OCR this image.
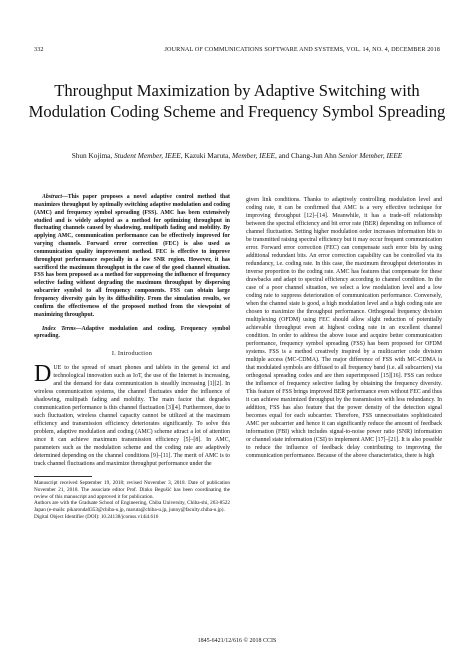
332	JOURNAL OF COMMUNICATIONS SOFTWARE AND SYSTEMS, VOL. 14, NO. 4, DECEMBER 2018
Throughput Maximization by Adaptive Switching with Modulation Coding Scheme and Frequency Symbol Spreading
Shun Kojima, Student Member, IEEE, Kazuki Maruta, Member, IEEE, and Chang-Jun Ahn Senior Member, IEEE

Abstract—This paper proposes a novel adaptive control method that maximizes throughput by optimally switching adaptive modulation and coding (AMC) and frequency symbol spreading (FSS). AMC has been extensively studied and is widely adopted as a method for optimizing throughput in fluctuating channels caused by shadowing, multipath fading and mobility. By applying AMC, communication performance can be effectively improved for varying channels. Forward error correction (FEC) is also used as communication quality improvement method. FEC is effective to improve throughput performance especially in a low SNR region. However, it has sacrificed the maximum throughput in the case of the good channel situation. FSS has been proposed as a method for suppressing the influence of frequency selective fading without degrading the maximum throughput by dispersing subcarrier symbol to all frequency components. FSS can obtain large frequency diversity gain by its diffusibility. From the simulation results, we confirm the effectiveness of the proposed method from the viewpoint of maximizing throughput.

Index Terms—Adaptive modulation and coding, Frequency symbol spreading.

I. Introduction

DUE to the spread of smart phones and tablets in the general ict and technological innovation such as IoT, the use of the Internet is increasing, and the demand for data communication is steadily increasing [1][2]. In wireless communication systems, the channel fluctuates under the influence of shadowing, multipath fading and mobility. The main factor that degrades communication performance is this channel fluctuation [3][4]. Furthermore, due to such fluctuation, wireless channel capacity cannot be utilized at the maximum efficiency and transmission efficiency deteriorates significantly. To solve this problem, adaptive modulation and coding (AMC) scheme attract a lot of attention since it can achieve maximum transmission efficiency [5]–[8]. In AMC, parameters such as the modulation scheme and the coding rate are adaptively determined depending on the channel conditions [9]–[11]. The merit of AMC is to track channel fluctuations and maximize throughput performance under the

Manuscript received September 19, 2018; revised November 3, 2018. Date of publication November 21, 2018. The associate editor Prof. Dinko Begušić has been coordinating the review of this manuscript and approved it for publication.

Authors are with the Graduate School of Engineering, Chiba University, Chiba-shi, 263-8522 Japan (e-mails: pikaronda0353@chiba-u.jp, maruta@chiba-u.jp, junny@faculty.chiba-u.jp).

Digital Object Identifier (DOI): 10.24138/jcomss.v14i4.616

given link conditions. Thanks to adaptively controlling modulation level and coding rate, it can be confirmed that AMC is a very effective technique for improving throughput [12]–[14]. Meanwhile, it has a trade-off relationship between the spectral efficiency and bit error rate (BER) depending on influence of channel fluctuation. Setting higher modulation order increases information bits to be transmitted raising spectral efficiency but it may occur frequent communication error. Forward error correction (FEC) can compensate such error bits by using additional redundant bits. An error correction capability can be controlled via its redundancy, i.e. coding rate. In this case, the maximum throughput deteriorates in inverse proportion to the coding rate. AMC has features that compensate for these drawbacks and adapt to spectral efficiency according to channel condition. In the case of a poor channel situation, we select a low modulation level and a low coding rate to suppress deterioration of communication performance. Conversely, when the channel state is good, a high modulation level and a high coding rate are chosen to maximize the throughput performance. Orthogonal frequency division multiplexing (OFDM) using FEC should allow slight reduction of potentially achievable throughput even at highest coding rate in an excellent channel condition. In order to address the above issue and acquire better communication performance, frequency symbol spreading (FSS) has been proposed for OFDM systems. FSS is a method creatively inspired by a multicarrier code division multiple access (MC-CDMA). The major difference of FSS with MC-CDMA is that modulated symbols are diffused to all frequency band (i.e. all subcarriers) via orthogonal spreading codes and are then superimposed [15][16]. FSS can reduce the influence of frequency selective fading by obtaining the frequency diversity. This feature of FSS brings improved BER performance even without FEC and thus it can achieve maximized throughput by the transmission with less redundancy. In addition, FSS has also feature that the power density of the detection signal becomes equal for each subcarrier. Therefore, FSS unnecessitates sophisticated AMC per subcarrier and hence it can significantly reduce the amount of feedback information (FBI) which includes signal-to-noise power ratio (SNR) information or channel state information (CSI) to implement AMC [17]–[21]. It is also possible to reduce the influence of feedback delay contributing to improving the communication performance. Because of the above characteristics, there is high

1845-6421/12/616 © 2018 CCIS
